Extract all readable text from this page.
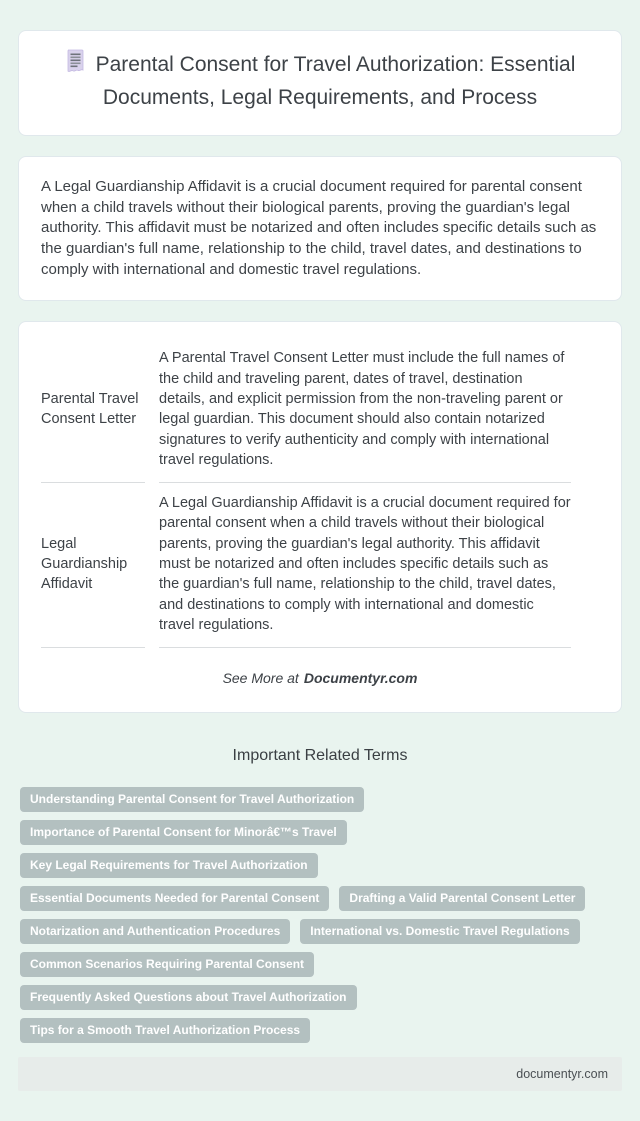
Parental Consent for Travel Authorization: Essential Documents, Legal Requirements, and Process

A Legal Guardianship Affidavit is a crucial document required for parental consent when a child travels without their biological parents, proving the guardian's legal authority. This affidavit must be notarized and often includes specific details such as the guardian's full name, relationship to the child, travel dates, and destinations to comply with international and domestic travel regulations.

Parental Travel Consent Letter	A Parental Travel Consent Letter must include the full names of the child and traveling parent, dates of travel, destination details, and explicit permission from the non-traveling parent or legal guardian. This document should also contain notarized signatures to verify authenticity and comply with international travel regulations.
Legal Guardianship Affidavit	A Legal Guardianship Affidavit is a crucial document required for parental consent when a child travels without their biological parents, proving the guardian's legal authority. This affidavit must be notarized and often includes specific details such as the guardian's full name, relationship to the child, travel dates, and destinations to comply with international and domestic travel regulations.

See More at Documentyr.com

Important Related Terms
Understanding Parental Consent for Travel Authorization
Importance of Parental Consent for Minorâ€™s Travel
Key Legal Requirements for Travel Authorization
Essential Documents Needed for Parental Consent	Drafting a Valid Parental Consent Letter
Notarization and Authentication Procedures	International vs. Domestic Travel Regulations
Common Scenarios Requiring Parental Consent
Frequently Asked Questions about Travel Authorization
Tips for a Smooth Travel Authorization Process
documentyr.com
